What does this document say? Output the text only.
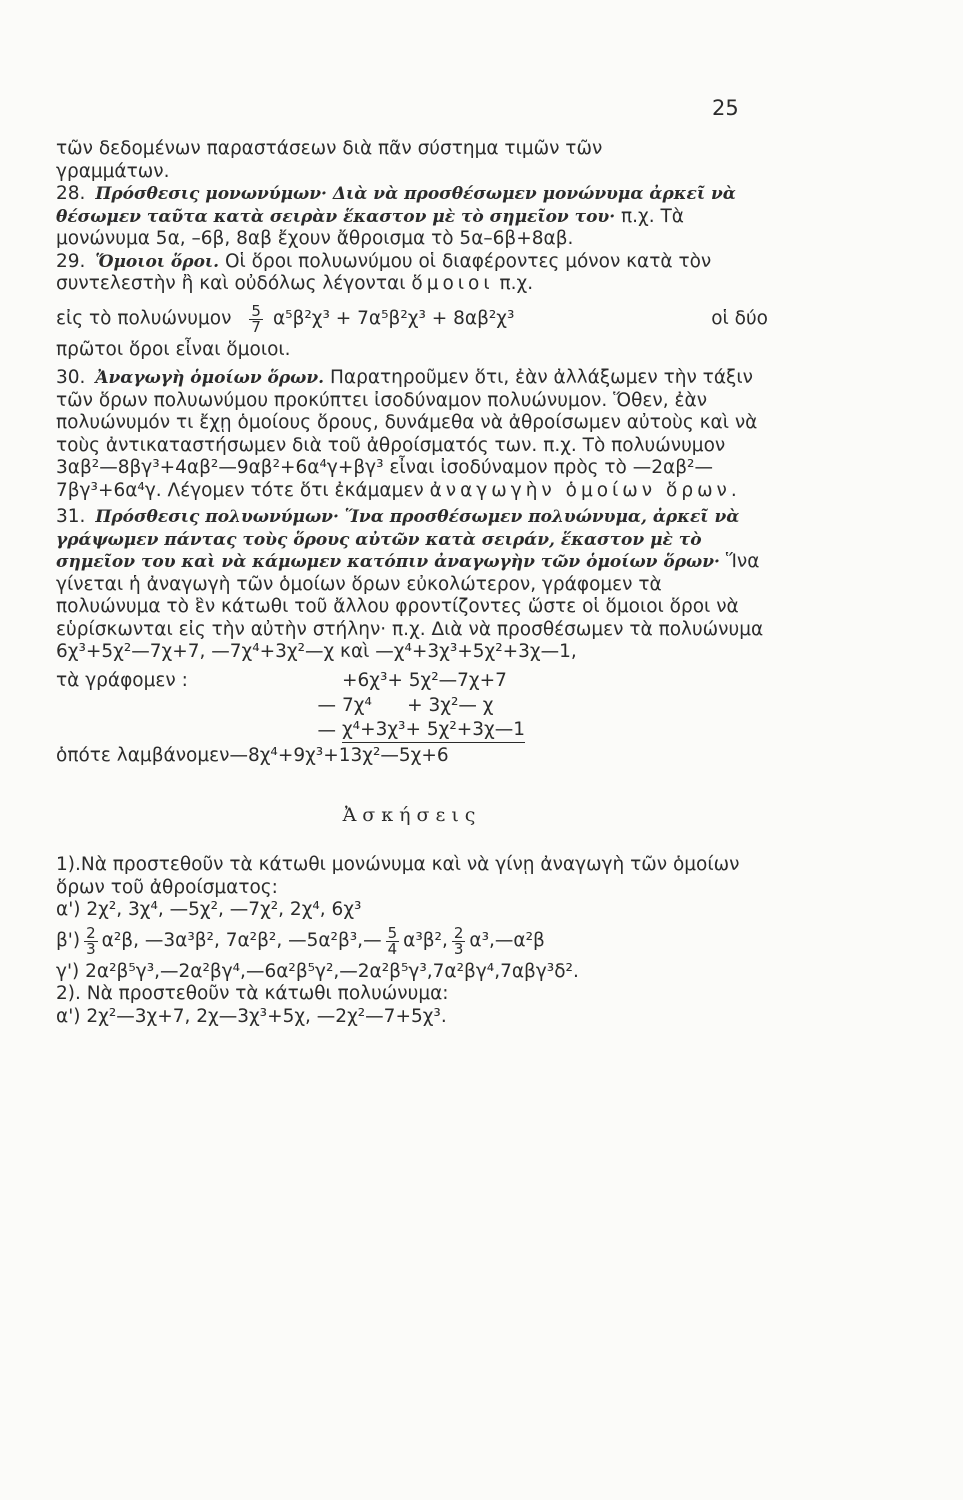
25

τῶν δεδομένων παραστάσεων διὰ πᾶν σύστημα τιμῶν τῶν

γραμμάτων.

28. Πρόσθεσις μονωνύμων· Διὰ νὰ προσθέσωμεν μονώνυμα ἀρκεῖ νὰ θέσωμεν ταῦτα κατὰ σειρὰν ἕκαστον μὲ τὸ σημεῖον του· π.χ. Τὰ μονώνυμα 5α, –6β, 8αβ ἔχουν ἄθροισμα τὸ 5α–6β+8αβ.

29. Ὅμοιοι ὅροι. Οἱ ὅροι πολυωνύμου οἱ διαφέροντες μόνον κατὰ τὸν συντελεστὴν ἢ καὶ οὐδόλως λέγονται ὅμοιοι π.χ.

εἰς τὸ πολυώνυμον $\frac{5}{7} \alpha^5\beta^2\chi^3 + 7\alpha^5\beta^2\chi^3 + 8\alpha\beta^2\chi^3$	οἱ δύο

πρῶτοι ὅροι εἶναι ὅμοιοι.

30. Ἀναγωγὴ ὁμοίων ὅρων. Παρατηροῦμεν ὅτι, ἐὰν ἀλλάξωμεν τὴν τάξιν τῶν ὅρων πολυωνύμου προκύπτει ἰσοδύναμον πολυώνυμον. Ὅθεν, ἐὰν πολυώνυμόν τι ἔχῃ ὁμοίους ὅρους, δυνάμεθα νὰ ἀθροίσωμεν αὐτοὺς καὶ νὰ τοὺς ἀντικαταστήσωμεν διὰ τοῦ ἀθροίσματός των. π.χ. Τὸ πολυώνυμον 3αβ²—8βγ³+4αβ²—9αβ²+6α⁴γ+βγ³ εἶναι ἰσοδύναμον πρὸς τὸ —2αβ²—7βγ³+6α⁴γ. Λέγομεν τότε ὅτι ἐκάμαμεν ἀναγωγὴν ὁμοίων ὅρων.

31. Πρόσθεσις πολυωνύμων· Ἵνα προσθέσωμεν πολυώνυμα, ἀρκεῖ νὰ γράψωμεν πάντας τοὺς ὅρους αὐτῶν κατὰ σειράν, ἕκαστον μὲ τὸ σημεῖον του καὶ νὰ κάμωμεν κατόπιν ἀναγωγὴν τῶν ὁμοίων ὅρων· Ἵνα γίνεται ἡ ἀναγωγὴ τῶν ὁμοίων ὅρων εὐκολώτερον, γράφομεν τὰ πολυώνυμα τὸ ἓν κάτωθι τοῦ ἄλλου φροντίζοντες ὥστε οἱ ὅμοιοι ὅροι νὰ εὑρίσκωνται εἰς τὴν αὐτὴν στήλην· π.χ. Διὰ νὰ προσθέσωμεν τὰ πολυώνυμα

6χ³+5χ²—7χ+7, —7χ⁴+3χ²—χ καὶ —χ⁴+3χ³+5χ²+3χ—1,

τὰ γράφομεν :	+6χ³+ 5χ²—7χ+7
— 7χ⁴      + 3χ²— χ
— χ⁴+3χ³+ 5χ²+3χ—1
ὁπότε λαμβάνομεν —8χ⁴+9χ³+13χ²—5χ+6
Ἀσκήσεις

1).Νὰ προστεθοῦν τὰ κάτωθι μονώνυμα καὶ νὰ γίνῃ ἀναγωγὴ τῶν ὁμοίων ὅρων τοῦ ἀθροίσματος:

α') 2χ², 3χ⁴, —5χ², —7χ², 2χ⁴, 6χ³

$\beta') \frac{2}{3} \alpha^2\beta$, —3α³β², 7α²β², —5α²β³,— $\frac{5}{4} \alpha^3\beta^2$, $\frac{2}{3}$ α³,—α²β

γ') 2α²β⁵γ³,—2α²βγ⁴,—6α²β⁵γ²,—2α²β⁵γ³,7α²βγ⁴,7αβγ³δ².

2). Νὰ προστεθοῦν τὰ κάτωθι πολυώνυμα:

α') 2χ²—3χ+7, 2χ—3χ³+5χ, —2χ²—7+5χ³.
